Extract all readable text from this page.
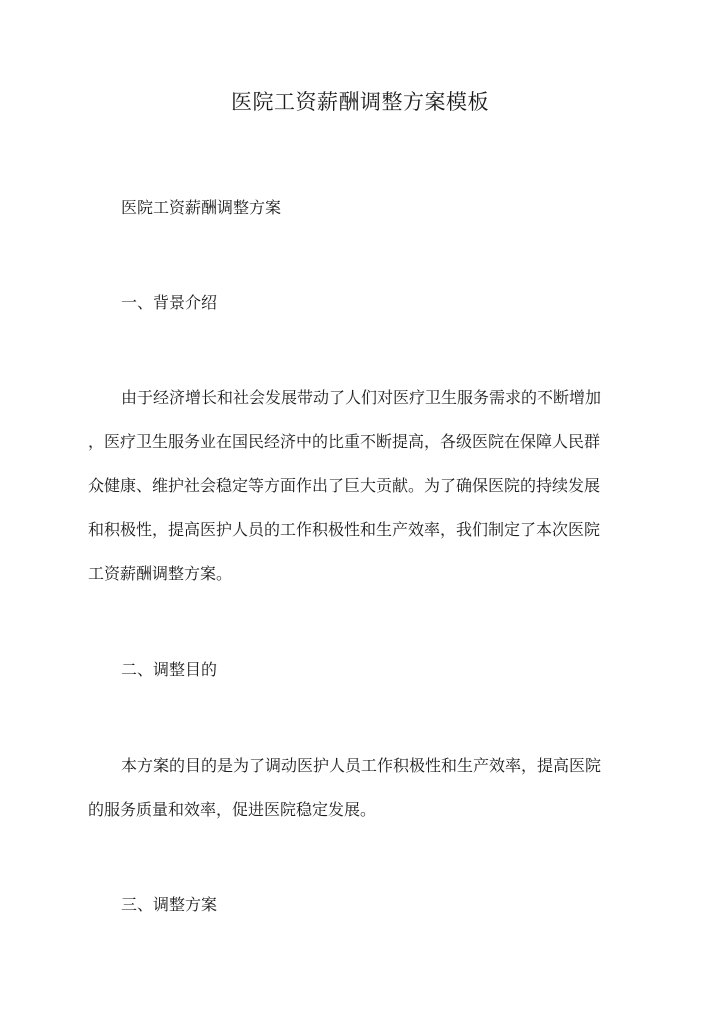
医院工资薪酬调整方案模板

医院工资薪酬调整方案

一、背景介绍

由于经济增长和社会发展带动了人们对医疗卫生服务需求的不断增加

，医疗卫生服务业在国民经济中的比重不断提高，各级医院在保障人民群

众健康、维护社会稳定等方面作出了巨大贡献。为了确保医院的持续发展

和积极性，提高医护人员的工作积极性和生产效率，我们制定了本次医院

工资薪酬调整方案。

二、调整目的

本方案的目的是为了调动医护人员工作积极性和生产效率，提高医院

的服务质量和效率，促进医院稳定发展。

三、调整方案
